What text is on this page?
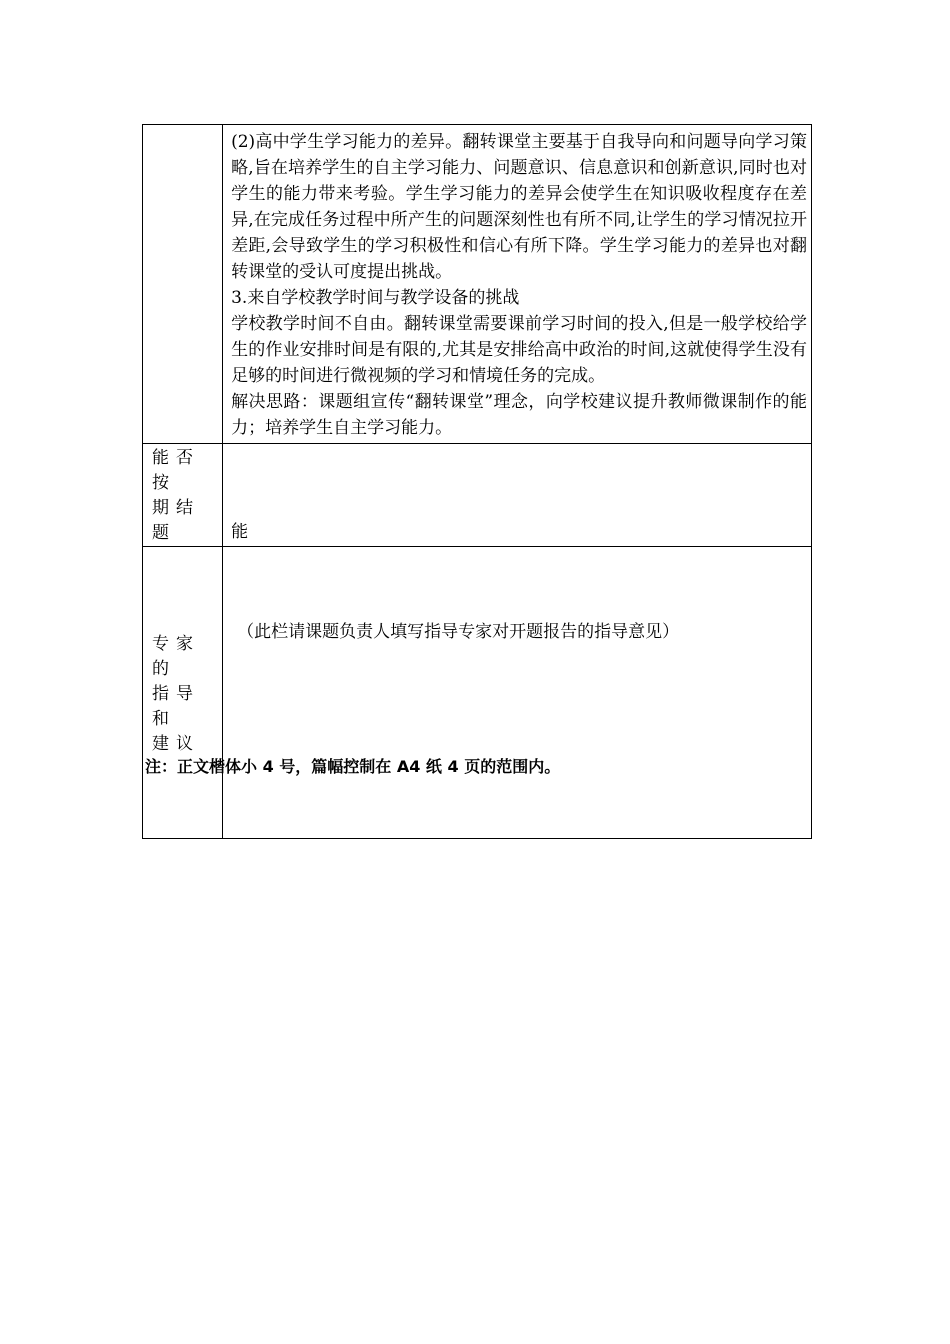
	(2)高中学生学习能力的差异。翻转课堂主要基于自我导向和问题导向学习策略,旨在培养学生的自主学习能力、问题意识、信息意识和创新意识,同时也对学生的能力带来考验。学生学习能力的差异会使学生在知识吸收程度存在差异,在完成任务过程中所产生的问题深刻性也有所不同,让学生的学习情况拉开差距,会导致学生的学习积极性和信心有所下降。学生学习能力的差异也对翻转课堂的受认可度提出挑战。

3.来自学校教学时间与教学设备的挑战

学校教学时间不自由。翻转课堂需要课前学习时间的投入,但是一般学校给学生的作业安排时间是有限的,尤其是安排给高中政治的时间,这就使得学生没有足够的时间进行微视频的学习和情境任务的完成。

解决思路：课题组宣传“翻转课堂”理念，向学校建议提升教师微课制作的能力；培养学生自主学习能力。

能否按
期结题	能

专家的
指导和
建议	（此栏请课题负责人填写指导专家对开题报告的指导意见）
注：正文楷体小 4 号，篇幅控制在 A4 纸 4 页的范围内。
